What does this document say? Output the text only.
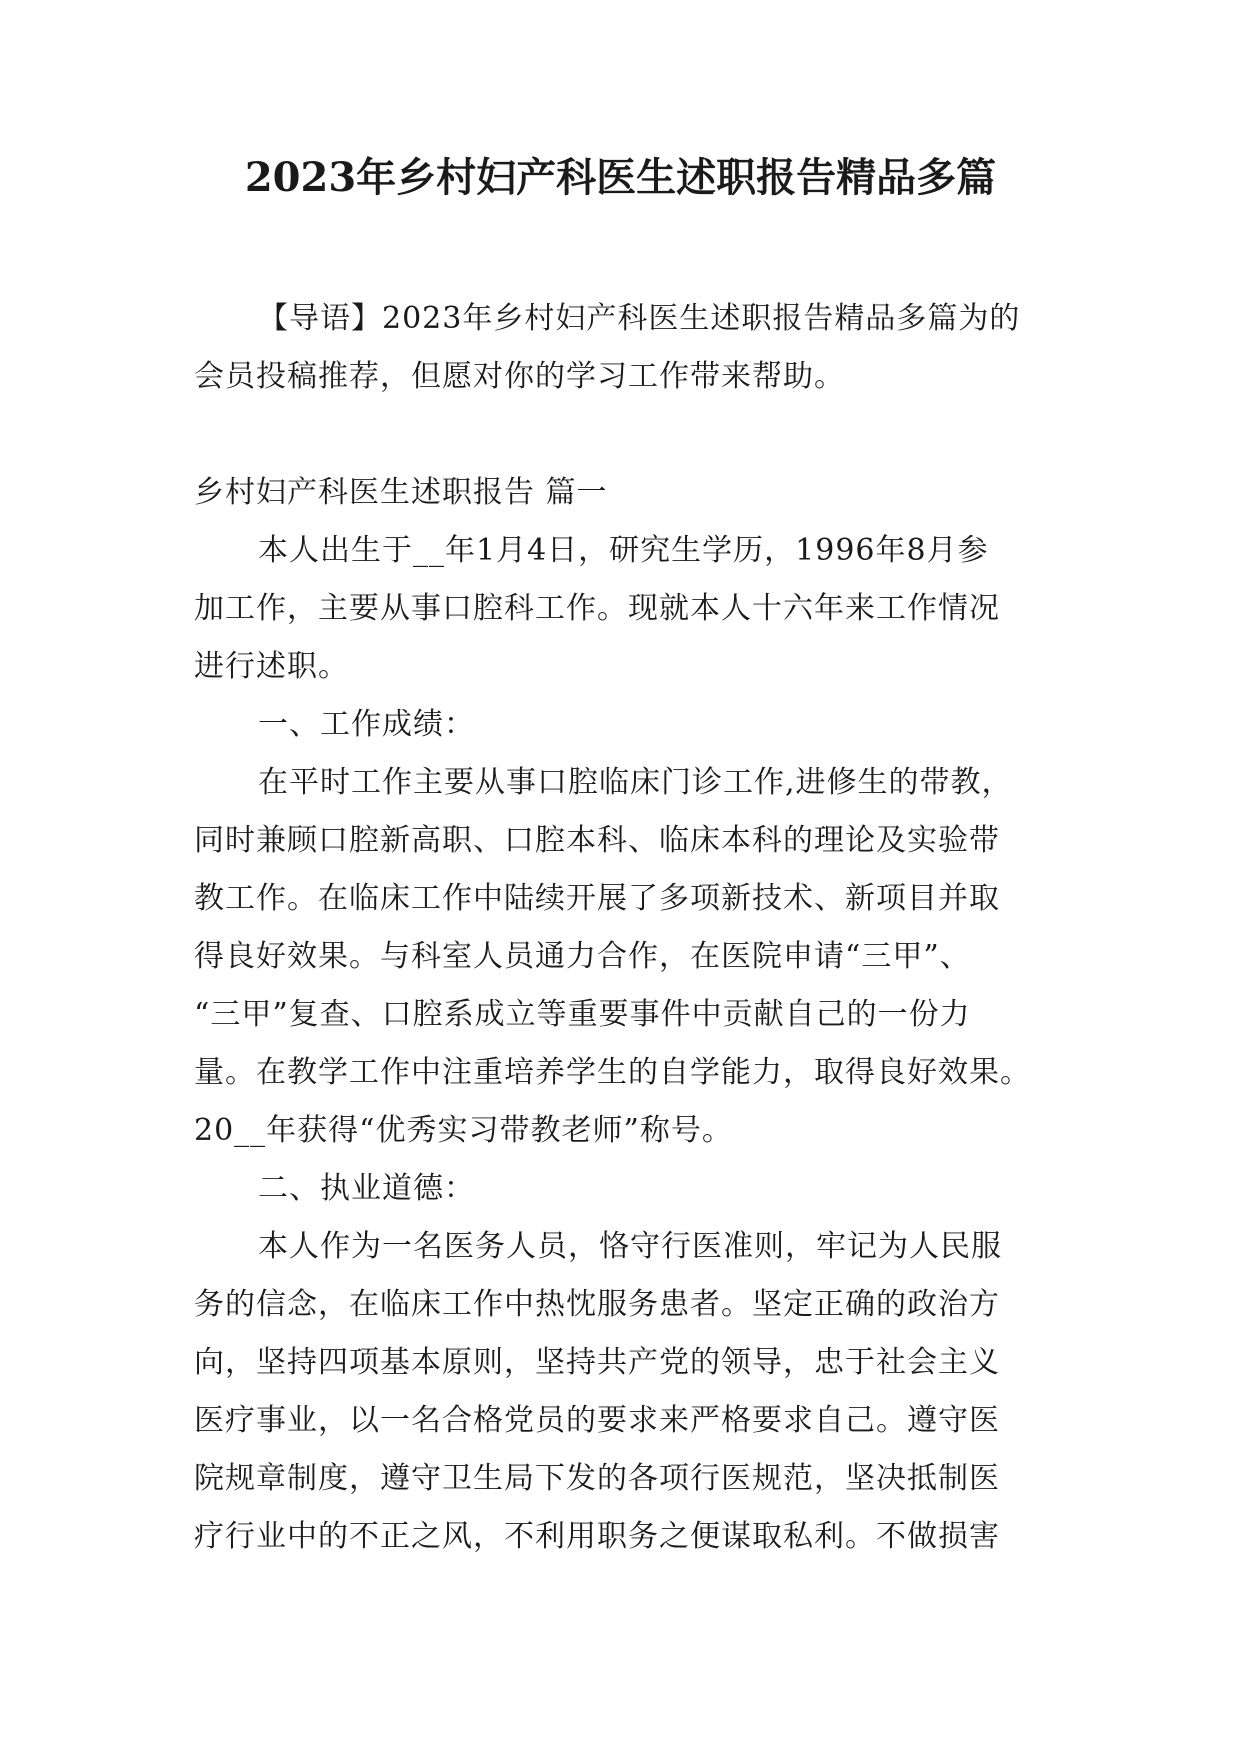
2023年乡村妇产科医生述职报告精品多篇
【导语】2023年乡村妇产科医生述职报告精品多篇为的
会员投稿推荐，但愿对你的学习工作带来帮助。
乡村妇产科医生述职报告 篇一
本人出生于__年1月4日，研究生学历，1996年8月参
加工作，主要从事口腔科工作。现就本人十六年来工作情况
进行述职。
一、工作成绩：
在平时工作主要从事口腔临床门诊工作,进修生的带教，
同时兼顾口腔新高职、口腔本科、临床本科的理论及实验带
教工作。在临床工作中陆续开展了多项新技术、新项目并取
得良好效果。与科室人员通力合作，在医院申请“三甲”、
“三甲”复查、口腔系成立等重要事件中贡献自己的一份力
量。在教学工作中注重培养学生的自学能力，取得良好效果。
20__年获得“优秀实习带教老师”称号。
二、执业道德：
本人作为一名医务人员，恪守行医准则，牢记为人民服
务的信念，在临床工作中热忱服务患者。坚定正确的政治方
向，坚持四项基本原则，坚持共产党的领导，忠于社会主义
医疗事业，以一名合格党员的要求来严格要求自己。遵守医
院规章制度，遵守卫生局下发的各项行医规范，坚决抵制医
疗行业中的不正之风，不利用职务之便谋取私利。不做损害
